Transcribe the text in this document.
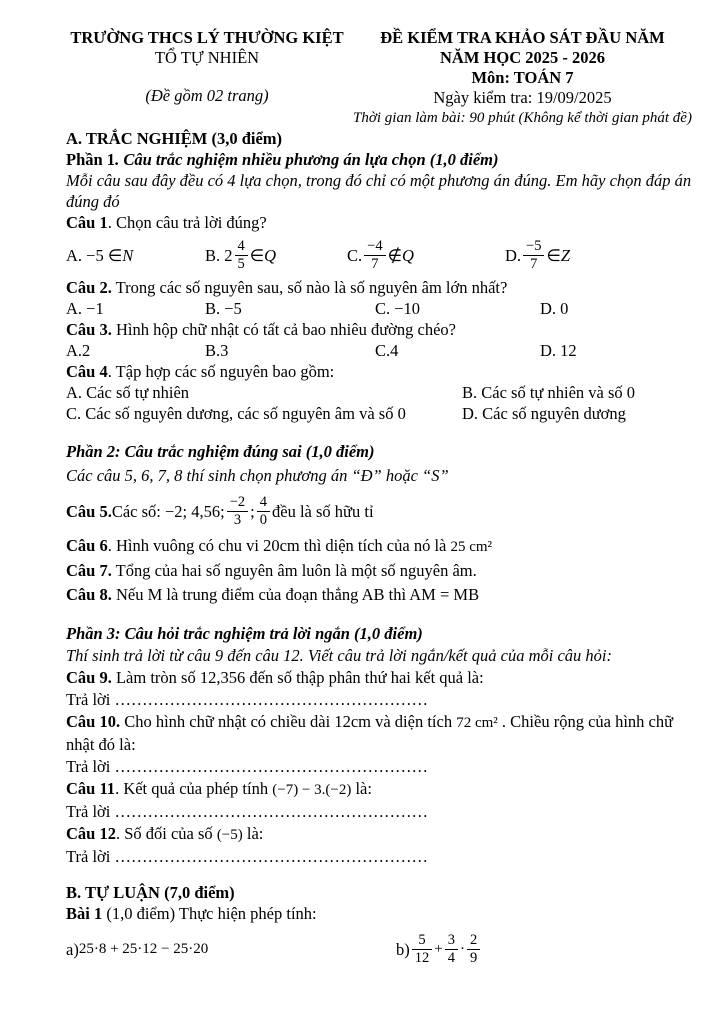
TRƯỜNG THCS LÝ THƯỜNG KIỆT
TỔ TỰ NHIÊN
(Đề gồm 02 trang)
ĐỀ KIỂM TRA KHẢO SÁT ĐẦU NĂM
NĂM HỌC 2025 - 2026
Môn: TOÁN 7
Ngày kiểm tra: 19/09/2025
Thời gian làm bài: 90 phút (Không kể thời gian phát đề)
A. TRẮC NGHIỆM (3,0 điểm)
Phần 1. Câu trắc nghiệm nhiều phương án lựa chọn (1,0 điểm)
Mỗi câu sau đây đều có 4 lựa chọn, trong đó chỉ có một phương án đúng. Em hãy chọn đáp án đúng đó
Câu 1. Chọn câu trả lời đúng?
A. −5 ∈ N	B. $2 \frac{4}{5}$ ∈ Q	C. $\frac{-4}{7}$ ∉ Q	D. $\frac{-5}{7}$ ∈ Z
Câu 2. Trong các số nguyên sau, số nào là số nguyên âm lớn nhất?
A. −1	B. −5	C. −10	D. 0
Câu 3. Hình hộp chữ nhật có tất cả bao nhiêu đường chéo?
A.2	B.3	C.4	D. 12
Câu 4. Tập hợp các số nguyên bao gồm:
A. Các số tự nhiên	B. Các số tự nhiên và số 0
C. Các số nguyên dương, các số nguyên âm và số 0	D. Các số nguyên dương
Phần 2: Câu trắc nghiệm đúng sai (1,0 điểm)
Các câu 5, 6, 7, 8 thí sinh chọn phương án “Đ” hoặc “S”
Câu 5. Các số: −2; 4,56; $\frac{-2}{3}$ ; $\frac{4}{0}$ đều là số hữu tỉ
Câu 6. Hình vuông có chu vi 20cm thì diện tích của nó là 25 cm²
Câu 7. Tổng của hai số nguyên âm luôn là một số nguyên âm.
Câu 8. Nếu M là trung điểm của đoạn thẳng AB thì AM = MB
Phần 3: Câu hỏi trắc nghiệm trả lời ngắn (1,0 điểm)
Thí sinh trả lời từ câu 9 đến câu 12. Viết câu trả lời ngắn/kết quả của mỗi câu hỏi:
Câu 9. Làm tròn số 12,356 đến số thập phân thứ hai kết quả là:
Trả lời …………………………………………………
Câu 10. Cho hình chữ nhật có chiều dài 12cm và diện tích 72 cm² . Chiều rộng của hình chữ nhật đó là:
Trả lời …………………………………………………
Câu 11. Kết quả của phép tính (−7) − 3.(−2) là:
Trả lời …………………………………………………
Câu 12. Số đối của số (−5) là:
Trả lời …………………………………………………
B. TỰ LUẬN (7,0 điểm)
Bài 1 (1,0 điểm) Thực hiện phép tính:
a) 25·8 + 25·12 − 25·20	$b) \frac{5}{12} + \frac{3}{4} \cdot \frac{2}{9}$
